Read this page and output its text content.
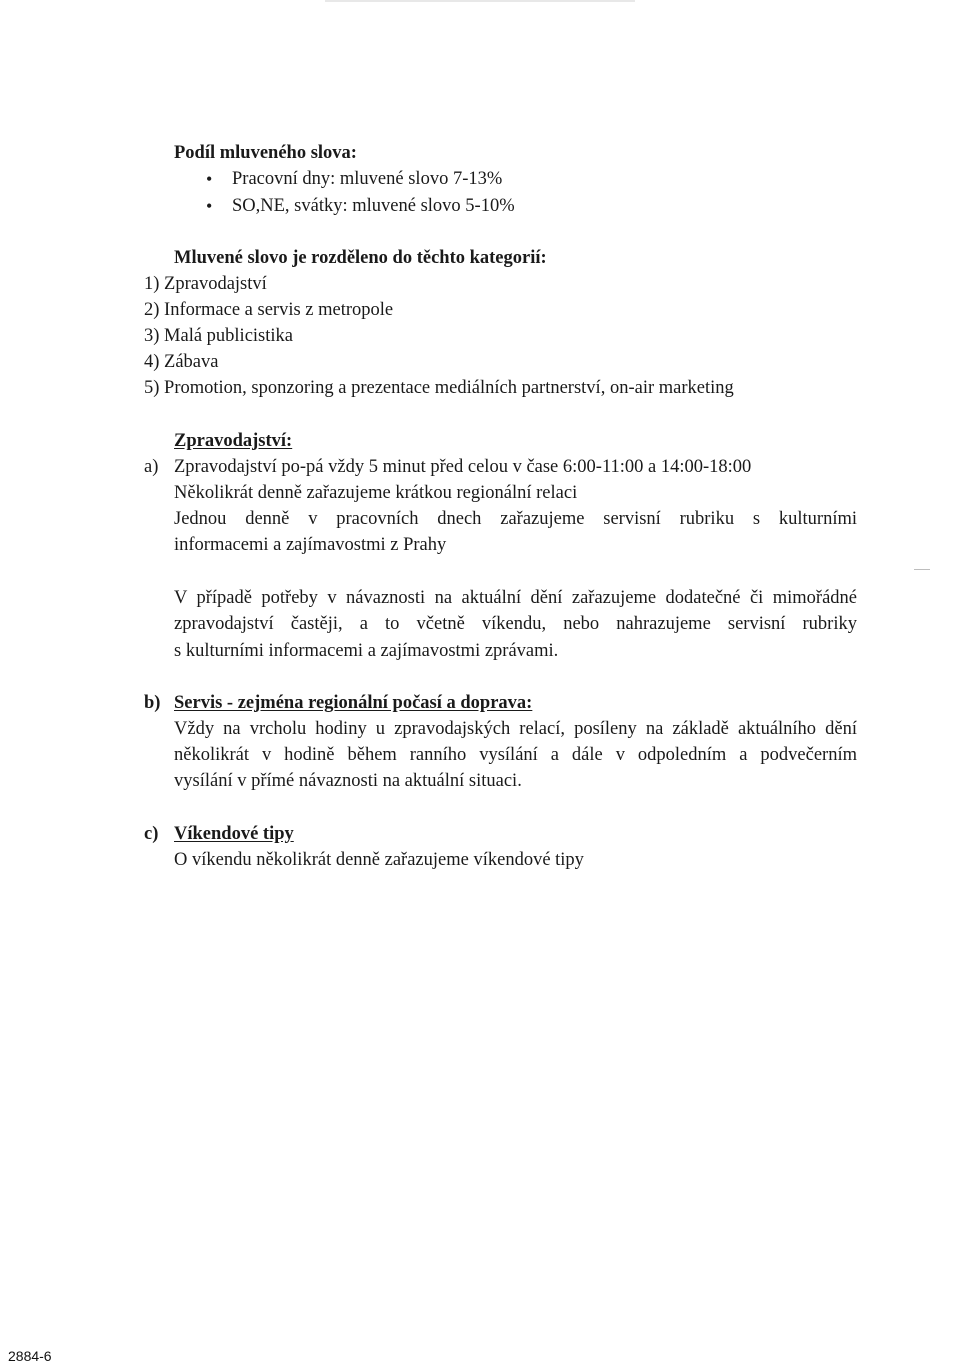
Podíl mluveného slova:
• Pracovní dny: mluvené slovo 7-13%
• SO,NE, svátky: mluvené slovo 5-10%
Mluvené slovo je rozděleno do těchto kategorií:
1) Zpravodajství
2) Informace a servis z metropole
3) Malá publicistika
4) Zábava
5) Promotion, sponzoring a prezentace mediálních partnerství, on-air marketing
Zpravodajství:
a) Zpravodajství po-pá vždy 5 minut před celou v čase 6:00-11:00 a 14:00-18:00
Několikrát denně zařazujeme krátkou regionální relaci
Jednou denně v pracovních dnech zařazujeme servisní rubriku s kulturními
informacemi a zajímavostmi z Prahy
V případě potřeby v návaznosti na aktuální dění zařazujeme dodatečné či mimořádné
zpravodajství častěji, a to včetně víkendu, nebo nahrazujeme servisní rubriky
s kulturními informacemi a zajímavostmi zprávami.
b) Servis - zejména regionální počasí a doprava:
Vždy na vrcholu hodiny u zpravodajských relací, posíleny na základě aktuálního dění
několikrát v hodině během ranního vysílání a dále v odpoledním a podvečerním
vysílání v přímé návaznosti na aktuální situaci.
c) Víkendové tipy
O víkendu několikrát denně zařazujeme víkendové tipy
2884-6
